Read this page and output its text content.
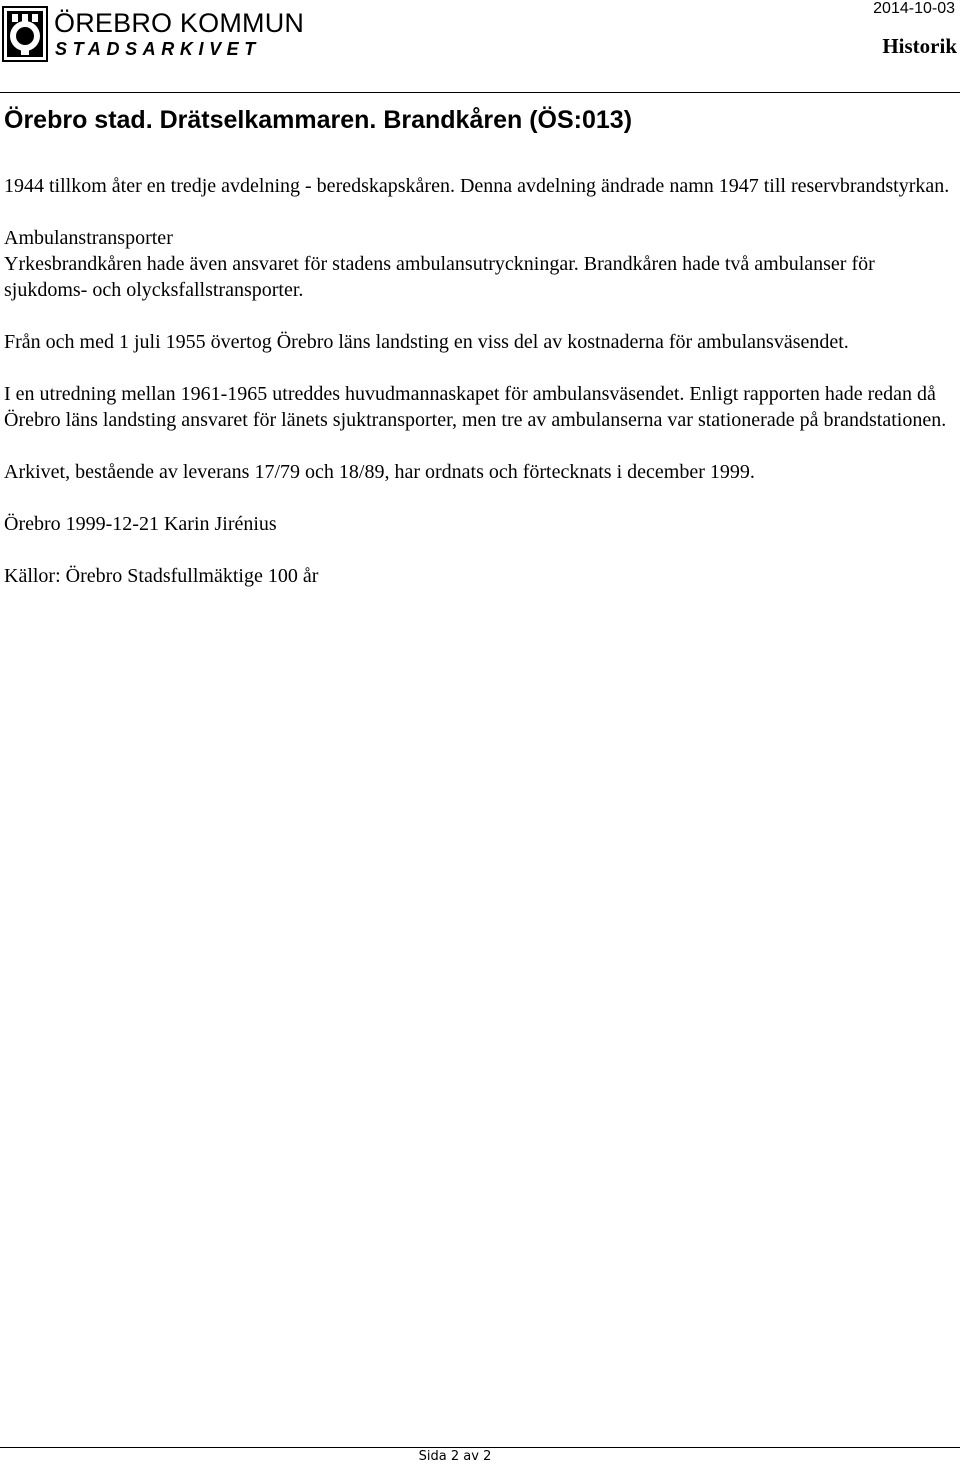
ÖREBRO KOMMUN
STADSARKIVET
2014-10-03
Historik
Örebro stad. Drätselkammaren. Brandkåren (ÖS:013)

1944 tillkom åter en tredje avdelning - beredskapskåren. Denna avdelning ändrade namn 1947 till reservbrandstyrkan.

Ambulanstransporter
Yrkesbrandkåren hade även ansvaret för stadens ambulansutryckningar. Brandkåren hade två ambulanser för sjukdoms- och olycksfallstransporter.

Från och med 1 juli 1955 övertog Örebro läns landsting en viss del av kostnaderna för ambulansväsendet.

I en utredning mellan 1961-1965 utreddes huvudmannaskapet för ambulansväsendet. Enligt rapporten hade redan då Örebro läns landsting ansvaret för länets sjuktransporter, men tre av ambulanserna var stationerade på brandstationen.

Arkivet, bestående av leverans 17/79 och 18/89, har ordnats och förtecknats i december 1999.

Örebro 1999-12-21 Karin Jirénius

Källor: Örebro Stadsfullmäktige 100 år

Sida 2 av 2
